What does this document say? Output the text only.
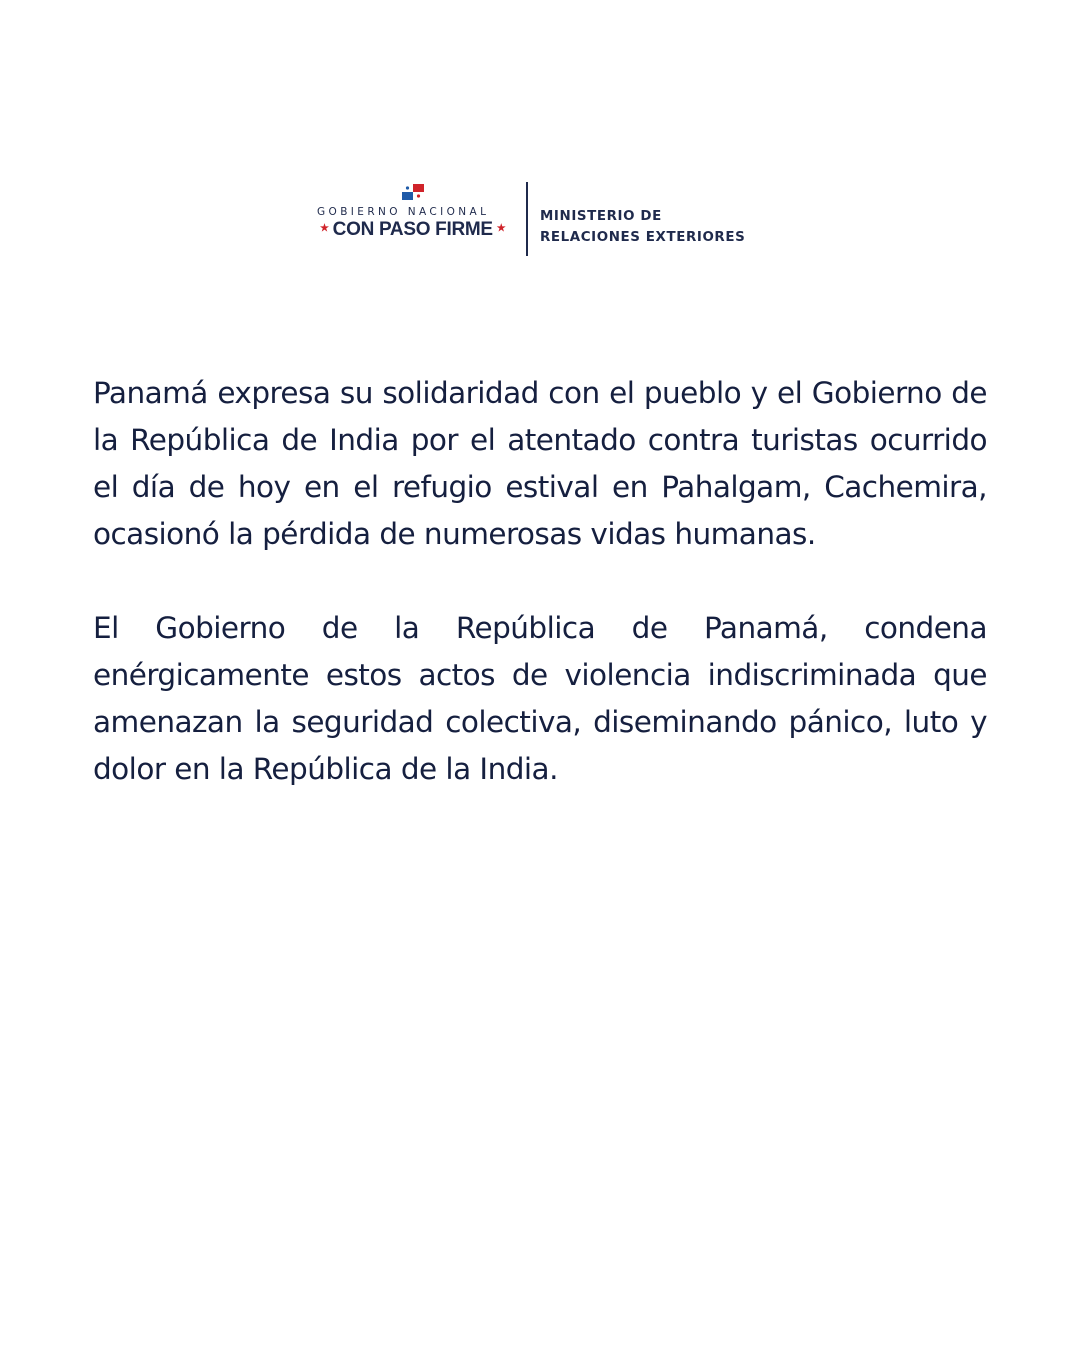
GOBIERNO NACIONAL
★ CON PASO FIRME ★
MINISTERIO DE
RELACIONES EXTERIORES

Panamá expresa su solidaridad con el pueblo y el Gobierno de la República de India por el atentado contra turistas ocurrido el día de hoy en el refugio estival en Pahalgam, Cachemira, ocasionó la pérdida de numerosas vidas humanas.

El Gobierno de la República de Panamá, condena enérgicamente estos actos de violencia indiscriminada que amenazan la seguridad colectiva, diseminando pánico, luto y dolor en la República de la India.
